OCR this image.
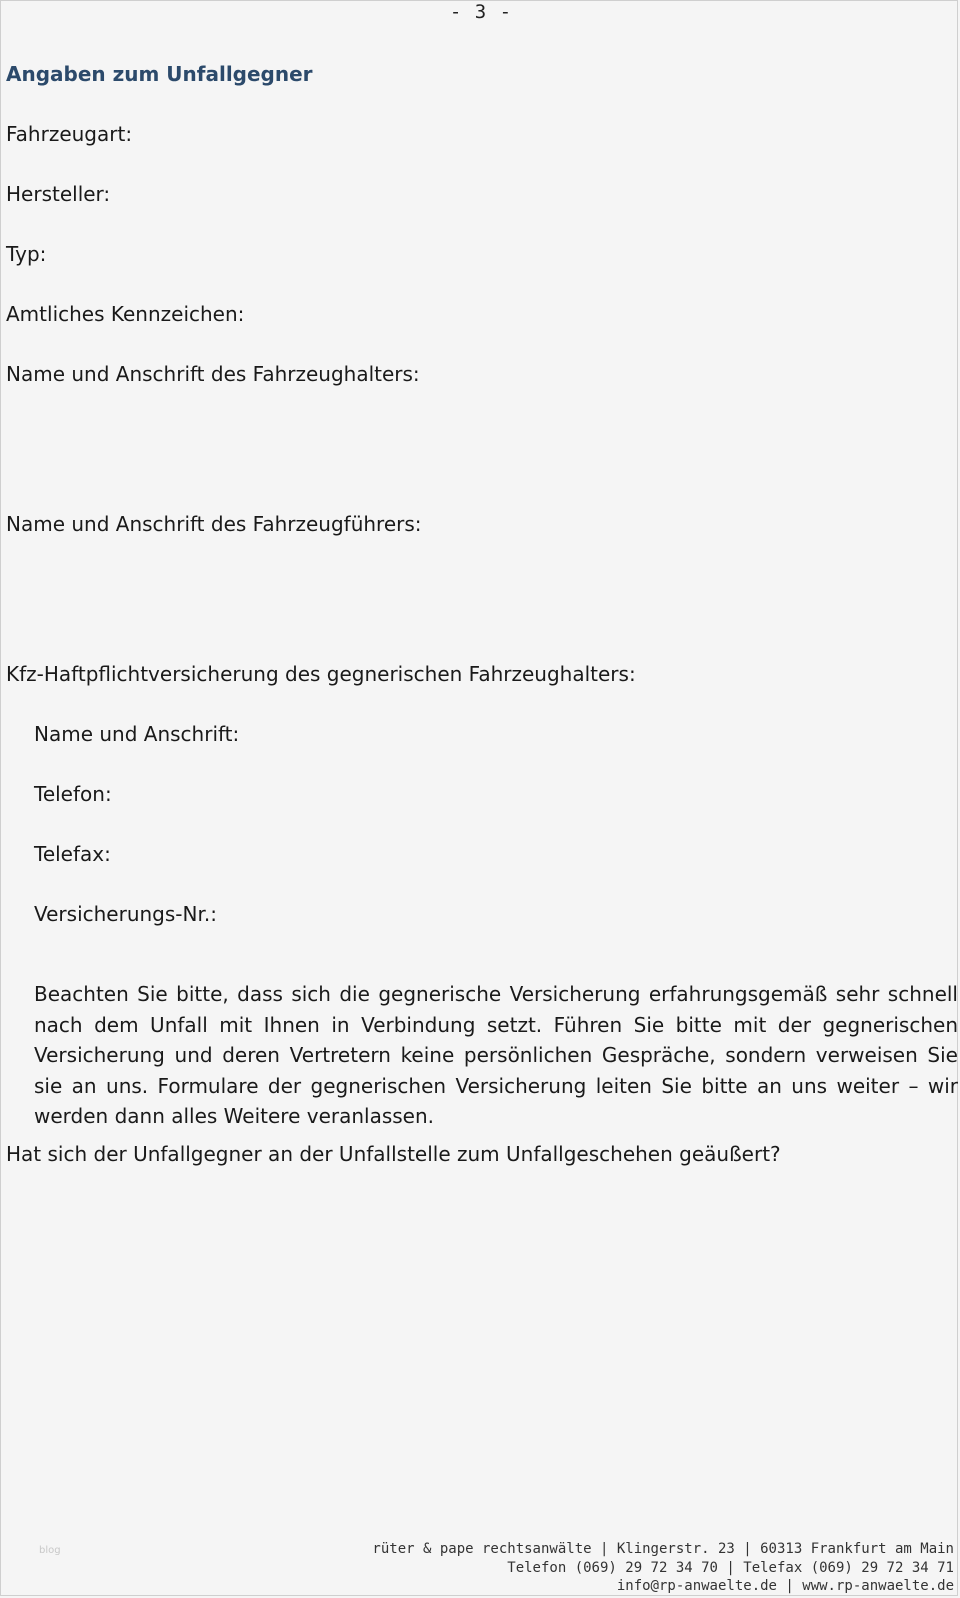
- 3 -
Angaben zum Unfallgegner
Fahrzeugart:
Hersteller:
Typ:
Amtliches Kennzeichen:
Name und Anschrift des Fahrzeughalters:
Name und Anschrift des Fahrzeugführers:
Kfz-Haftpflichtversicherung des gegnerischen Fahrzeughalters:
Name und Anschrift:
Telefon:
Telefax:
Versicherungs-Nr.:
Beachten Sie bitte, dass sich die gegnerische Versicherung erfahrungsgemäß sehr schnell nach dem Unfall mit Ihnen in Verbindung setzt. Führen Sie bitte mit der gegnerischen Versicherung und deren Vertretern keine persönlichen Gespräche, sondern verweisen Sie sie an uns. Formulare der gegnerischen Versicherung leiten Sie bitte an uns weiter – wir werden dann alles Weitere veranlassen.
Hat sich der Unfallgegner an der Unfallstelle zum Unfallgeschehen geäußert?
blog	rüter & pape rechtsanwälte | Klingerstr. 23 | 60313 Frankfurt am Main
Telefon (069) 29 72 34 70 | Telefax (069) 29 72 34 71
info@rp-anwaelte.de | www.rp-anwaelte.de
